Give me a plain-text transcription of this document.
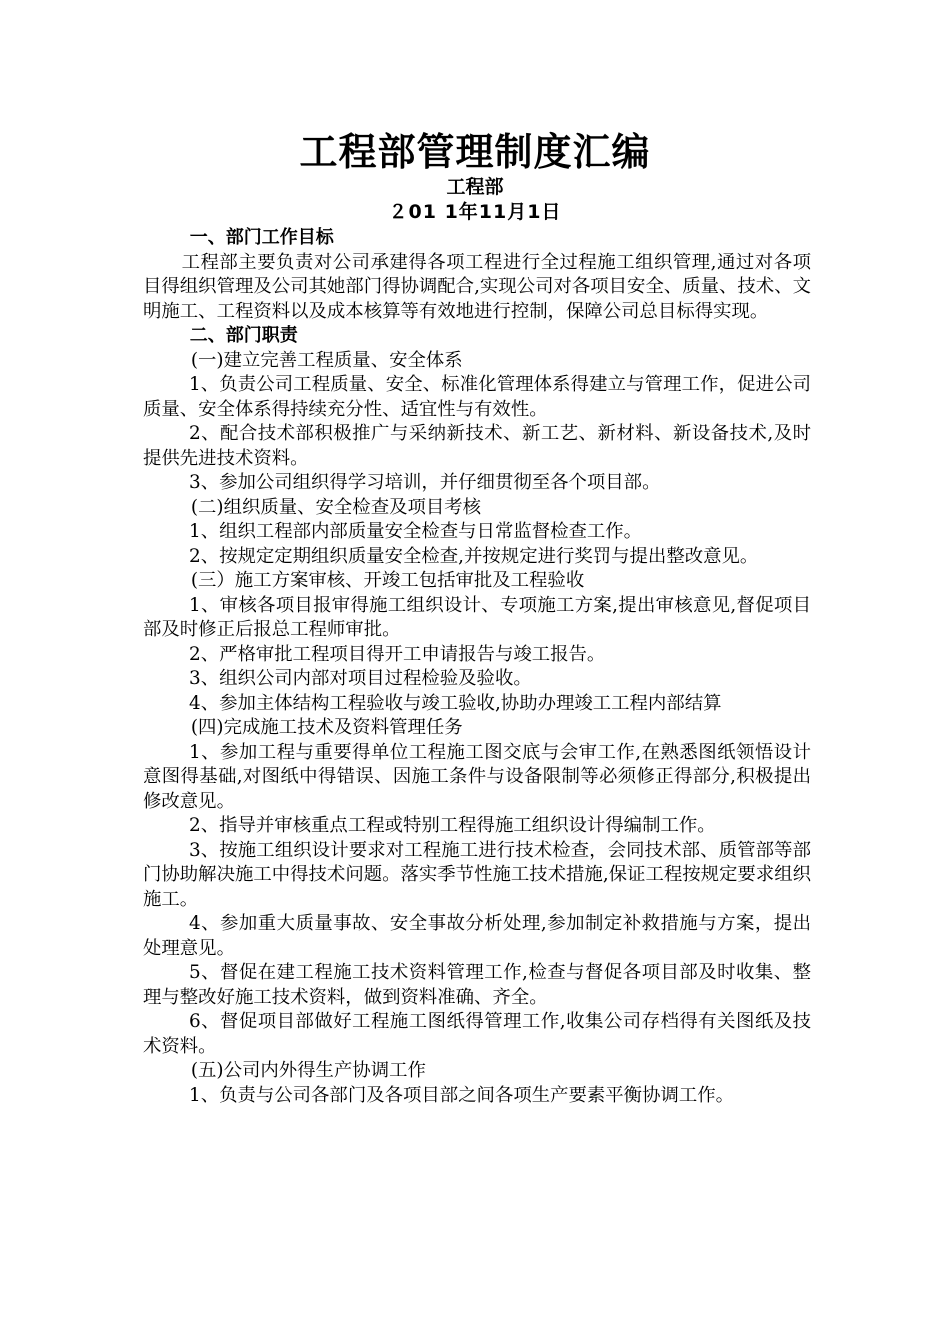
工程部管理制度汇编
工程部
２01 1年11月1日

一、部门工作目标

工程部主要负责对公司承建得各项工程进行全过程施工组织管理,通过对各项目得组织管理及公司其她部门得协调配合,实现公司对各项目安全、质量、技术、文明施工、工程资料以及成本核算等有效地进行控制，保障公司总目标得实现。

二、部门职责

(一)建立完善工程质量、安全体系

1、负责公司工程质量、安全、标准化管理体系得建立与管理工作，促进公司质量、安全体系得持续充分性、适宜性与有效性。

2、配合技术部积极推广与采纳新技术、新工艺、新材料、新设备技术,及时提供先进技术资料。

3、参加公司组织得学习培训，并仔细贯彻至各个项目部。

(二)组织质量、安全检查及项目考核

1、组织工程部内部质量安全检查与日常监督检查工作。

2、按规定定期组织质量安全检查,并按规定进行奖罚与提出整改意见。

(三）施工方案审核、开竣工包括审批及工程验收

1、审核各项目报审得施工组织设计、专项施工方案,提出审核意见,督促项目部及时修正后报总工程师审批。

2、严格审批工程项目得开工申请报告与竣工报告。

3、组织公司内部对项目过程检验及验收。

4、参加主体结构工程验收与竣工验收,协助办理竣工工程内部结算

(四)完成施工技术及资料管理任务

1、参加工程与重要得单位工程施工图交底与会审工作,在熟悉图纸领悟设计意图得基础,对图纸中得错误、因施工条件与设备限制等必须修正得部分,积极提出修改意见。

2、指导并审核重点工程或特别工程得施工组织设计得编制工作。

3、按施工组织设计要求对工程施工进行技术检查，会同技术部、质管部等部门协助解决施工中得技术问题。落实季节性施工技术措施,保证工程按规定要求组织施工。

4、参加重大质量事故、安全事故分析处理,参加制定补救措施与方案，提出处理意见。

5、督促在建工程施工技术资料管理工作,检查与督促各项目部及时收集、整理与整改好施工技术资料，做到资料准确、齐全。

6、督促项目部做好工程施工图纸得管理工作,收集公司存档得有关图纸及技术资料。

(五)公司内外得生产协调工作

1、负责与公司各部门及各项目部之间各项生产要素平衡协调工作。
